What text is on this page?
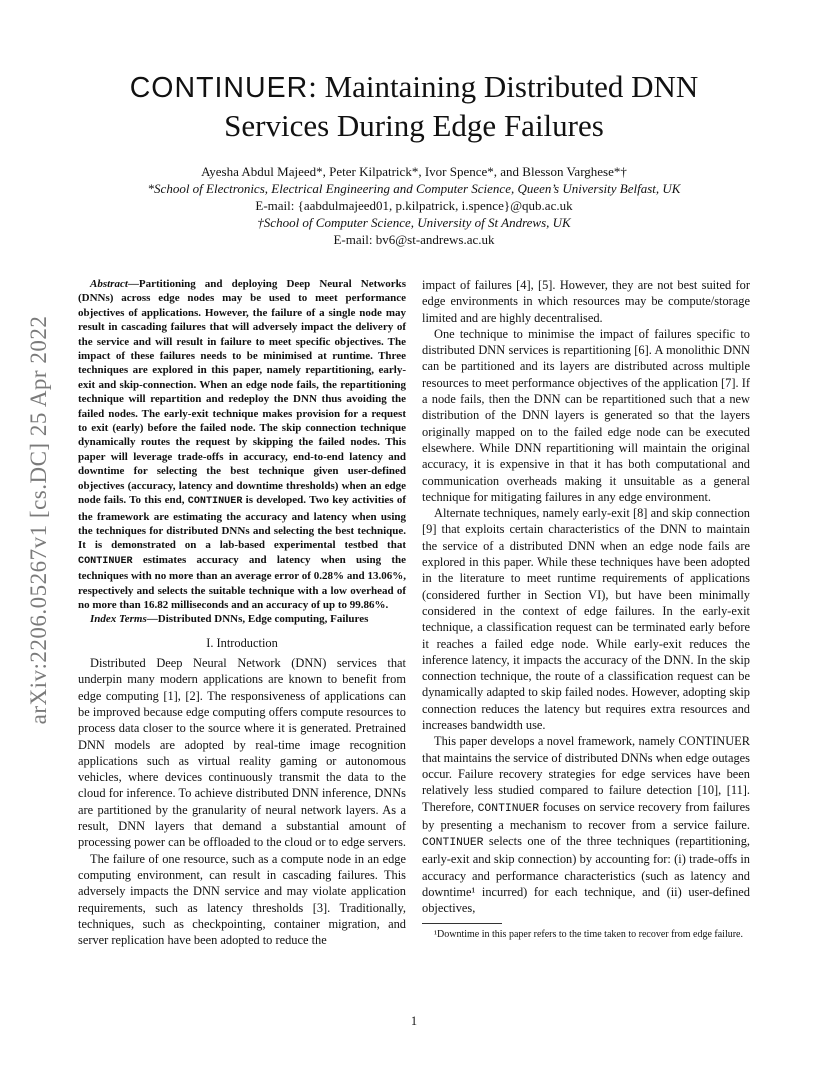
arXiv:2206.05267v1 [cs.DC] 25 Apr 2022
CONTINUER: Maintaining Distributed DNN
Services During Edge Failures
Ayesha Abdul Majeed*, Peter Kilpatrick*, Ivor Spence*, and Blesson Varghese*†
*School of Electronics, Electrical Engineering and Computer Science, Queen’s University Belfast, UK
E-mail: {aabdulmajeed01, p.kilpatrick, i.spence}@qub.ac.uk
†School of Computer Science, University of St Andrews, UK
E-mail: bv6@st-andrews.ac.uk

Abstract—Partitioning and deploying Deep Neural Networks (DNNs) across edge nodes may be used to meet performance objectives of applications. However, the failure of a single node may result in cascading failures that will adversely impact the delivery of the service and will result in failure to meet specific objectives. The impact of these failures needs to be minimised at runtime. Three techniques are explored in this paper, namely repartitioning, early-exit and skip-connection. When an edge node fails, the repartitioning technique will repartition and redeploy the DNN thus avoiding the failed nodes. The early-exit technique makes provision for a request to exit (early) before the failed node. The skip connection technique dynamically routes the request by skipping the failed nodes. This paper will leverage trade-offs in accuracy, end-to-end latency and downtime for selecting the best technique given user-defined objectives (accuracy, latency and downtime thresholds) when an edge node fails. To this end, CONTINUER is developed. Two key activities of the framework are estimating the accuracy and latency when using the techniques for distributed DNNs and selecting the best technique. It is demonstrated on a lab-based experimental testbed that CONTINUER estimates accuracy and latency when using the techniques with no more than an average error of 0.28% and 13.06%, respectively and selects the suitable technique with a low overhead of no more than 16.82 milliseconds and an accuracy of up to 99.86%.

Index Terms—Distributed DNNs, Edge computing, Failures

I. Introduction

Distributed Deep Neural Network (DNN) services that underpin many modern applications are known to benefit from edge computing [1], [2]. The responsiveness of applications can be improved because edge computing offers compute resources to process data closer to the source where it is generated. Pretrained DNN models are adopted by real-time image recognition applications such as virtual reality gaming or autonomous vehicles, where devices continuously transmit the data to the cloud for inference. To achieve distributed DNN inference, DNNs are partitioned by the granularity of neural network layers. As a result, DNN layers that demand a substantial amount of processing power can be offloaded to the cloud or to edge servers.

The failure of one resource, such as a compute node in an edge computing environment, can result in cascading failures. This adversely impacts the DNN service and may violate application requirements, such as latency thresholds [3]. Traditionally, techniques, such as checkpointing, container migration, and server replication have been adopted to reduce the

impact of failures [4], [5]. However, they are not best suited for edge environments in which resources may be compute/storage limited and are highly decentralised.

One technique to minimise the impact of failures specific to distributed DNN services is repartitioning [6]. A monolithic DNN can be partitioned and its layers are distributed across multiple resources to meet performance objectives of the application [7]. If a node fails, then the DNN can be repartitioned such that a new distribution of the DNN layers is generated so that the layers originally mapped on to the failed edge node can be executed elsewhere. While DNN repartitioning will maintain the original accuracy, it is expensive in that it has both computational and communication overheads making it unsuitable as a general technique for mitigating failures in any edge environment.

Alternate techniques, namely early-exit [8] and skip connection [9] that exploits certain characteristics of the DNN to maintain the service of a distributed DNN when an edge node fails are explored in this paper. While these techniques have been adopted in the literature to meet runtime requirements of applications (considered further in Section VI), but have been minimally considered in the context of edge failures. In the early-exit technique, a classification request can be terminated early before it reaches a failed edge node. While early-exit reduces the inference latency, it impacts the accuracy of the DNN. In the skip connection technique, the route of a classification request can be dynamically adapted to skip failed nodes. However, adopting skip connection reduces the latency but requires extra resources and increases bandwidth use.

This paper develops a novel framework, namely CONTINUER that maintains the service of distributed DNNs when edge outages occur. Failure recovery strategies for edge services have been relatively less studied compared to failure detection [10], [11]. Therefore, CONTINUER focuses on service recovery from failures by presenting a mechanism to recover from a service failure. CONTINUER selects one of the three techniques (repartitioning, early-exit and skip connection) by accounting for: (i) trade-offs in accuracy and performance characteristics (such as latency and downtime¹ incurred) for each technique, and (ii) user-defined objectives,

¹Downtime in this paper refers to the time taken to recover from edge failure.

1
